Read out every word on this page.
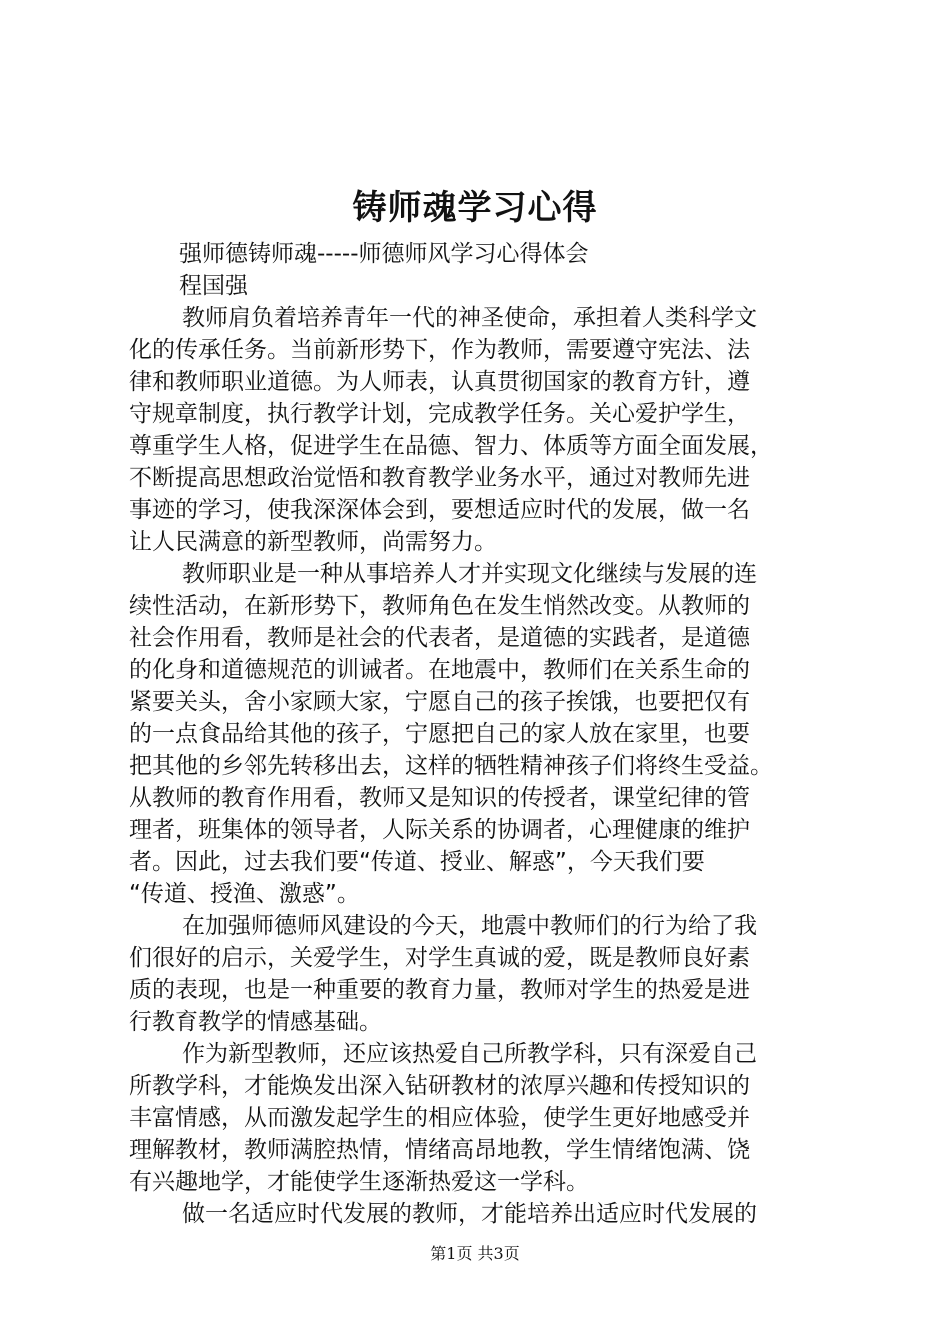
铸师魂学习心得
强师德铸师魂-----师德师风学习心得体会
程国强
教师肩负着培养青年一代的神圣使命，承担着人类科学文
化的传承任务。当前新形势下，作为教师，需要遵守宪法、法
律和教师职业道德。为人师表，认真贯彻国家的教育方针，遵
守规章制度，执行教学计划，完成教学任务。关心爱护学生，
尊重学生人格，促进学生在品德、智力、体质等方面全面发展，
不断提高思想政治觉悟和教育教学业务水平，通过对教师先进
事迹的学习，使我深深体会到，要想适应时代的发展，做一名
让人民满意的新型教师，尚需努力。
教师职业是一种从事培养人才并实现文化继续与发展的连
续性活动，在新形势下，教师角色在发生悄然改变。从教师的
社会作用看，教师是社会的代表者，是道德的实践者，是道德
的化身和道德规范的训诫者。在地震中，教师们在关系生命的
紧要关头，舍小家顾大家，宁愿自己的孩子挨饿，也要把仅有
的一点食品给其他的孩子，宁愿把自己的家人放在家里，也要
把其他的乡邻先转移出去，这样的牺牲精神孩子们将终生受益。
从教师的教育作用看，教师又是知识的传授者，课堂纪律的管
理者，班集体的领导者，人际关系的协调者，心理健康的维护
者。因此，过去我们要“传道、授业、解惑”，今天我们要
“传道、授渔、激惑”。
在加强师德师风建设的今天，地震中教师们的行为给了我
们很好的启示，关爱学生，对学生真诚的爱，既是教师良好素
质的表现，也是一种重要的教育力量，教师对学生的热爱是进
行教育教学的情感基础。
作为新型教师，还应该热爱自己所教学科，只有深爱自己
所教学科，才能焕发出深入钻研教材的浓厚兴趣和传授知识的
丰富情感，从而激发起学生的相应体验，使学生更好地感受并
理解教材，教师满腔热情，情绪高昂地教，学生情绪饱满、饶
有兴趣地学，才能使学生逐渐热爱这一学科。
做一名适应时代发展的教师，才能培养出适应时代发展的
第1页 共3页
